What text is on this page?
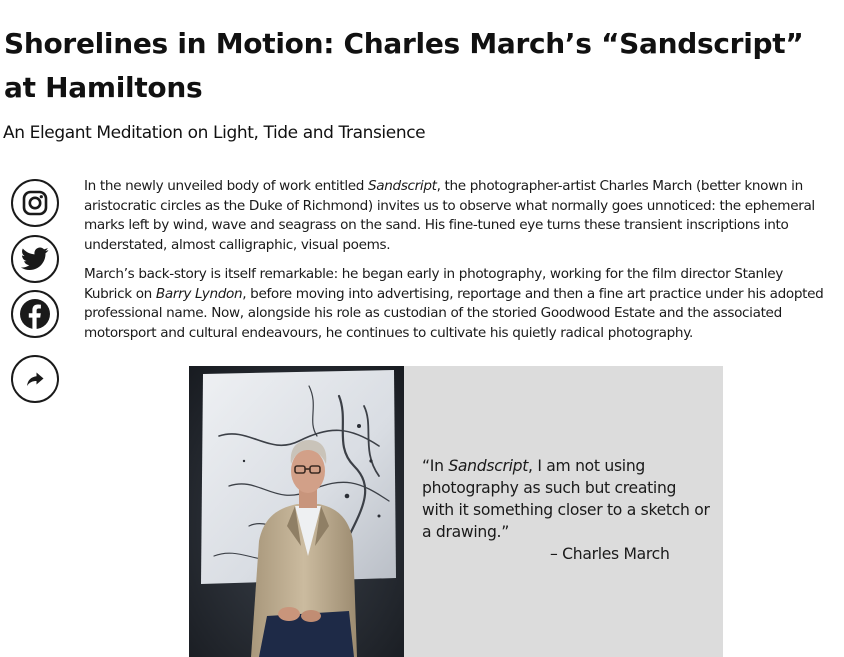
Shorelines in Motion: Charles March’s “Sandscript” at Hamiltons
An Elegant Meditation on Light, Tide and Transience

In the newly unveiled body of work entitled Sandscript, the photographer-artist Charles March (better known in aristocratic circles as the Duke of Richmond) invites us to observe what normally goes unnoticed: the ephemeral marks left by wind, wave and seagrass on the sand. His fine-tuned eye turns these transient inscriptions into understated, almost calligraphic, visual poems.

March’s back-story is itself remarkable: he began early in photography, working for the film director Stanley Kubrick on Barry Lyndon, before moving into advertising, reportage and then a fine art practice under his adopted professional name. Now, alongside his role as custodian of the storied Goodwood Estate and the associated motorsport and cultural endeavours, he continues to cultivate his quietly radical photography.

“In Sandscript, I am not using photography as such but creating with it something closer to a sketch or a drawing.”

– Charles March
